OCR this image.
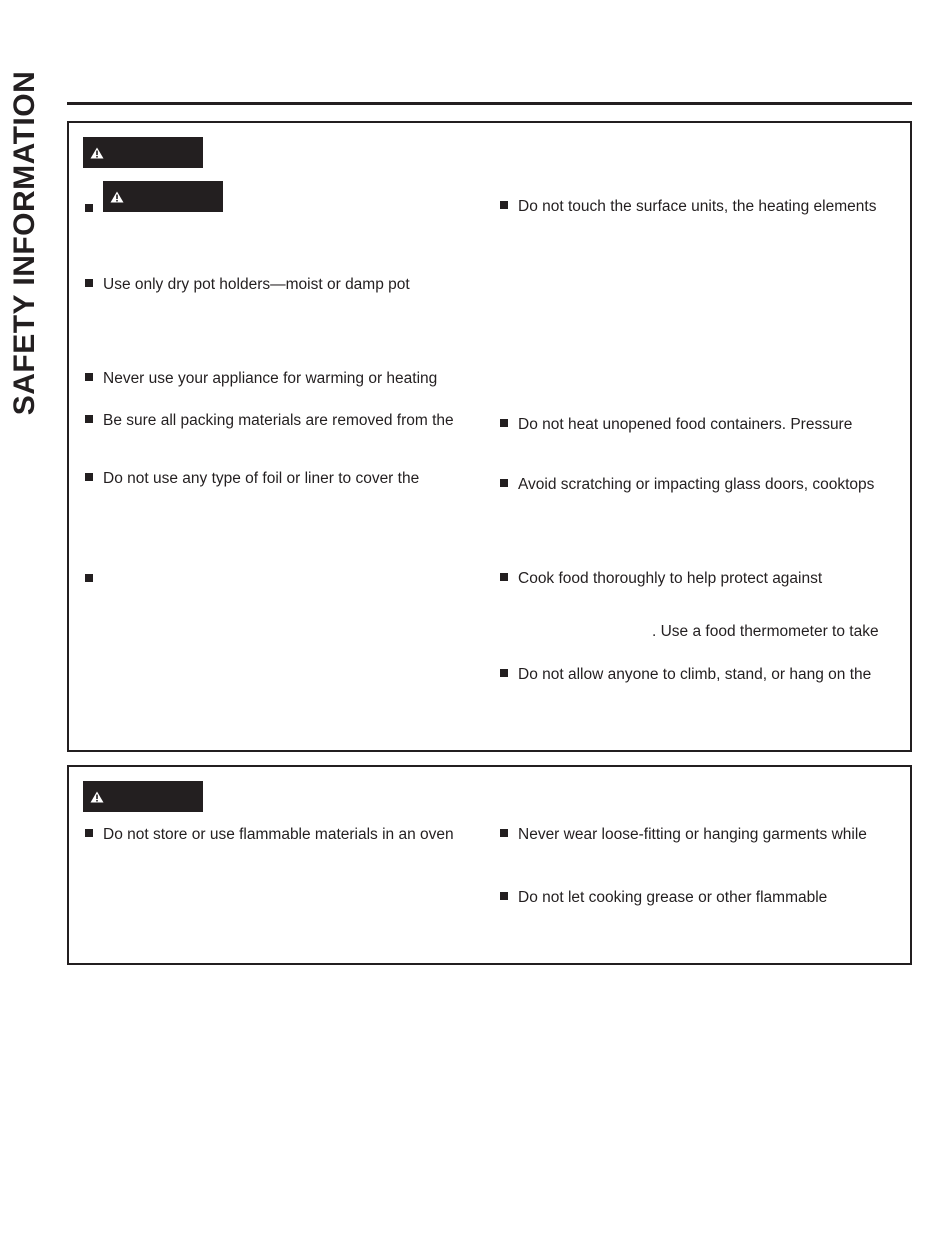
SAFETY INFORMATION	Use only dry pot holders—moist or damp pot
Never use your appliance for warming or heating
Be sure all packing materials are removed from the
Do not use any type of foil or liner to cover the
Do not touch the surface units, the heating elements
Do not heat unopened food containers. Pressure
Avoid scratching or impacting glass doors, cooktops
Cook food thoroughly to help protect against
. Use a food thermometer to take
Do not allow anyone to climb, stand, or hang on the
Do not store or use flammable materials in an oven	Never wear loose-fitting or hanging garments while
Do not let cooking grease or other flammable
